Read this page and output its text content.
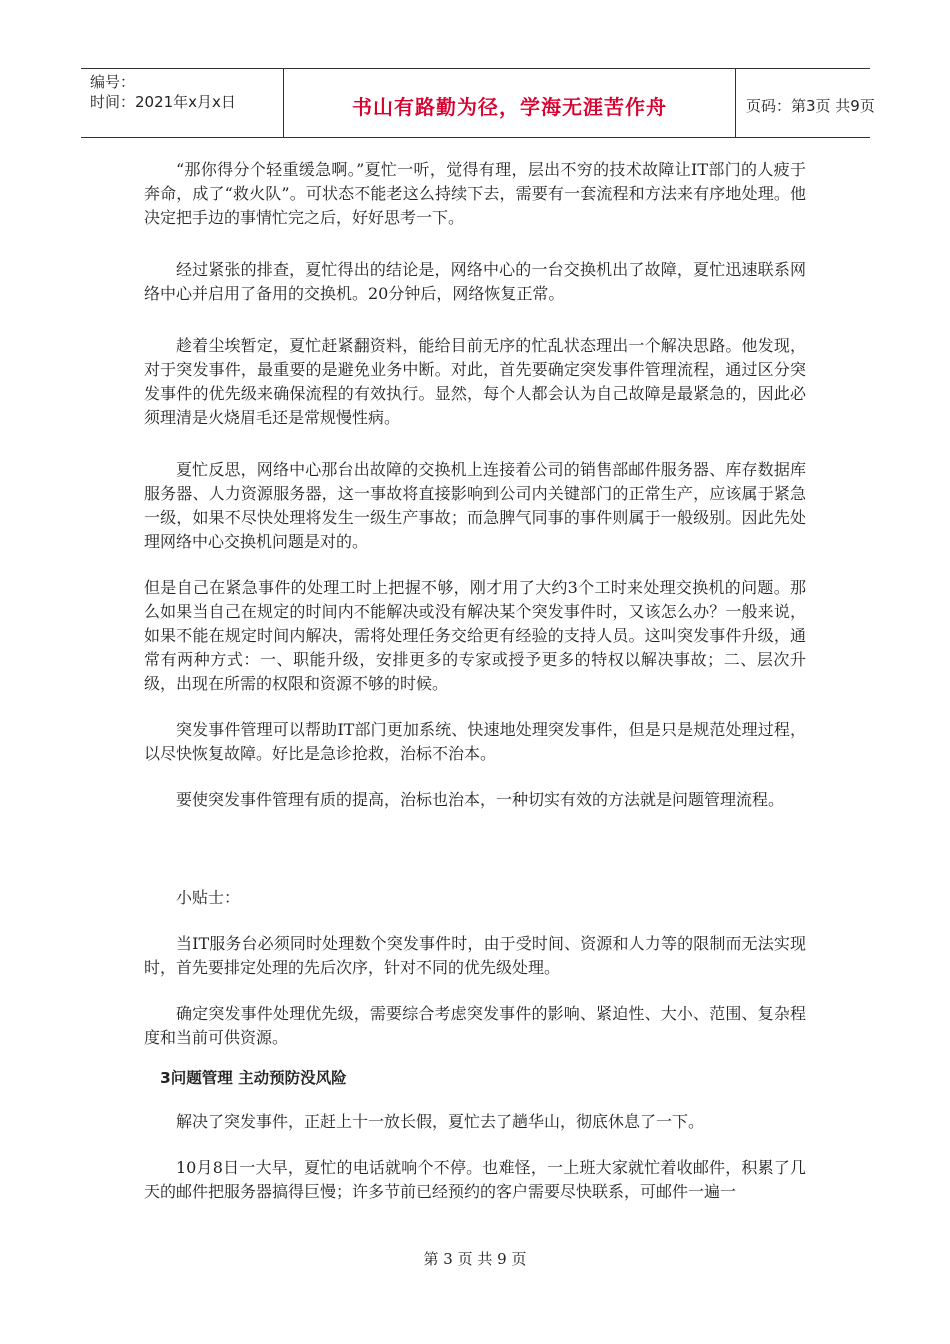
编号：
时间：2021年x月x日	书山有路勤为径，学海无涯苦作舟	页码：第3页 共9页

“那你得分个轻重缓急啊。”夏忙一听，觉得有理，层出不穷的技术故障让IT部门的人疲于奔命，成了“救火队”。可状态不能老这么持续下去，需要有一套流程和方法来有序地处理。他决定把手边的事情忙完之后，好好思考一下。

经过紧张的排查，夏忙得出的结论是，网络中心的一台交换机出了故障，夏忙迅速联系网络中心并启用了备用的交换机。20分钟后，网络恢复正常。

趁着尘埃暂定，夏忙赶紧翻资料，能给目前无序的忙乱状态理出一个解决思路。他发现，对于突发事件，最重要的是避免业务中断。对此，首先要确定突发事件管理流程，通过区分突发事件的优先级来确保流程的有效执行。显然，每个人都会认为自己故障是最紧急的，因此必须理清是火烧眉毛还是常规慢性病。

夏忙反思，网络中心那台出故障的交换机上连接着公司的销售部邮件服务器、库存数据库服务器、人力资源服务器，这一事故将直接影响到公司内关键部门的正常生产，应该属于紧急一级，如果不尽快处理将发生一级生产事故；而急脾气同事的事件则属于一般级别。因此先处理网络中心交换机问题是对的。

但是自己在紧急事件的处理工时上把握不够，刚才用了大约3个工时来处理交换机的问题。那么如果当自己在规定的时间内不能解决或没有解决某个突发事件时，又该怎么办？一般来说，如果不能在规定时间内解决，需将处理任务交给更有经验的支持人员。这叫突发事件升级，通常有两种方式：一、职能升级，安排更多的专家或授予更多的特权以解决事故；二、层次升级，出现在所需的权限和资源不够的时候。

突发事件管理可以帮助IT部门更加系统、快速地处理突发事件，但是只是规范处理过程，以尽快恢复故障。好比是急诊抢救，治标不治本。

要使突发事件管理有质的提高，治标也治本，一种切实有效的方法就是问题管理流程。

小贴士：

当IT服务台必须同时处理数个突发事件时，由于受时间、资源和人力等的限制而无法实现时，首先要排定处理的先后次序，针对不同的优先级处理。

确定突发事件处理优先级，需要综合考虑突发事件的影响、紧迫性、大小、范围、复杂程度和当前可供资源。

3问题管理 主动预防没风险

解决了突发事件，正赶上十一放长假，夏忙去了趟华山，彻底休息了一下。

10月8日一大早，夏忙的电话就响个不停。也难怪，一上班大家就忙着收邮件，积累了几天的邮件把服务器搞得巨慢；许多节前已经预约的客户需要尽快联系，可邮件一遍一

第 3 页 共 9 页
